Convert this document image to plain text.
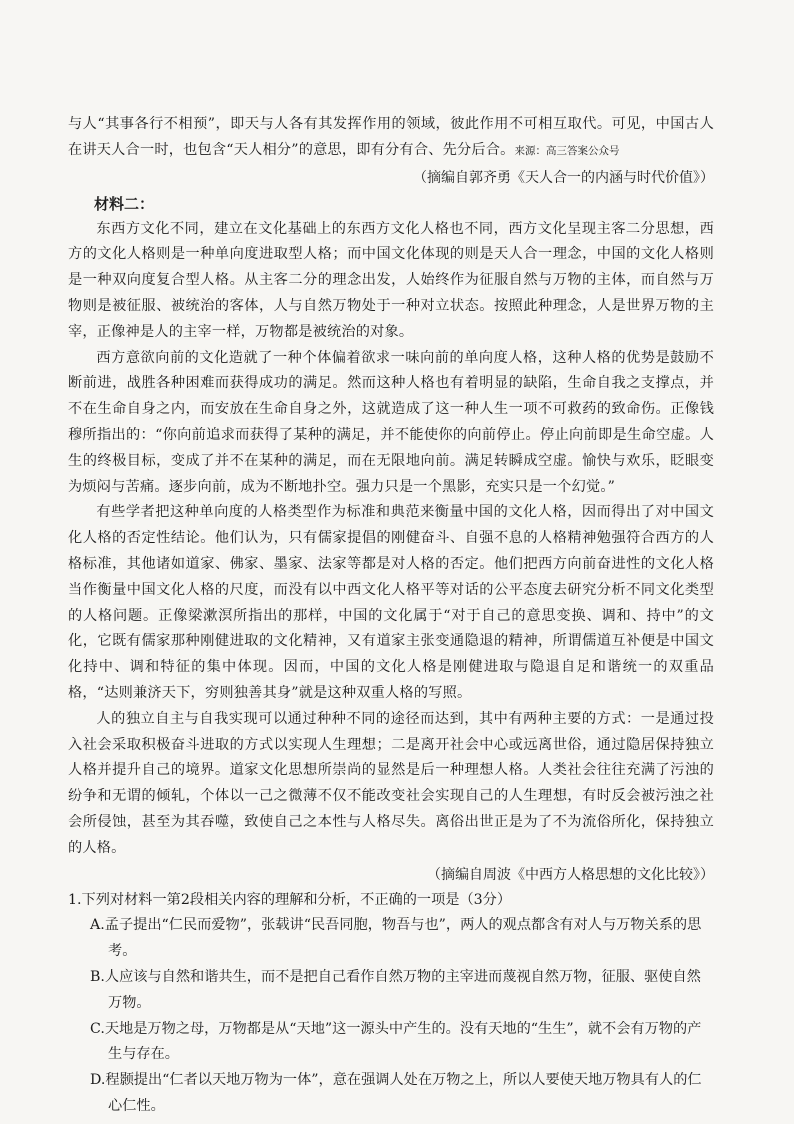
与人“其事各行不相预”，即天与人各有其发挥作用的领域，彼此作用不可相互取代。可见，中国古人在讲天人合一时，也包含“天人相分”的意思，即有分有合、先分后合。来源：高三答案公众号

（摘编自郭齐勇《天人合一的内涵与时代价值》）

材料二：

东西方文化不同，建立在文化基础上的东西方文化人格也不同，西方文化呈现主客二分思想，西方的文化人格则是一种单向度进取型人格；而中国文化体现的则是天人合一理念，中国的文化人格则是一种双向度复合型人格。从主客二分的理念出发，人始终作为征服自然与万物的主体，而自然与万物则是被征服、被统治的客体，人与自然万物处于一种对立状态。按照此种理念，人是世界万物的主宰，正像神是人的主宰一样，万物都是被统治的对象。

西方意欲向前的文化造就了一种个体偏着欲求一味向前的单向度人格，这种人格的优势是鼓励不断前进，战胜各种困难而获得成功的满足。然而这种人格也有着明显的缺陷，生命自我之支撑点，并不在生命自身之内，而安放在生命自身之外，这就造成了这一种人生一项不可救药的致命伤。正像钱穆所指出的：“你向前追求而获得了某种的满足，并不能使你的向前停止。停止向前即是生命空虚。人生的终极目标，变成了并不在某种的满足，而在无限地向前。满足转瞬成空虚。愉快与欢乐，眨眼变为烦闷与苦痛。逐步向前，成为不断地扑空。强力只是一个黑影，充实只是一个幻觉。”

有些学者把这种单向度的人格类型作为标准和典范来衡量中国的文化人格，因而得出了对中国文化人格的否定性结论。他们认为，只有儒家提倡的刚健奋斗、自强不息的人格精神勉强符合西方的人格标准，其他诸如道家、佛家、墨家、法家等都是对人格的否定。他们把西方向前奋进性的文化人格当作衡量中国文化人格的尺度，而没有以中西文化人格平等对话的公平态度去研究分析不同文化类型的人格问题。正像梁漱溟所指出的那样，中国的文化属于“对于自己的意思变换、调和、持中”的文化，它既有儒家那种刚健进取的文化精神，又有道家主张变通隐退的精神，所谓儒道互补便是中国文化持中、调和特征的集中体现。因而，中国的文化人格是刚健进取与隐退自足和谐统一的双重品格，“达则兼济天下，穷则独善其身”就是这种双重人格的写照。

人的独立自主与自我实现可以通过种种不同的途径而达到，其中有两种主要的方式：一是通过投入社会采取积极奋斗进取的方式以实现人生理想；二是离开社会中心或远离世俗，通过隐居保持独立人格并提升自己的境界。道家文化思想所崇尚的显然是后一种理想人格。人类社会往往充满了污浊的纷争和无谓的倾轧，个体以一己之微薄不仅不能改变社会实现自己的人生理想，有时反会被污浊之社会所侵蚀，甚至为其吞噬，致使自己之本性与人格尽失。离俗出世正是为了不为流俗所化，保持独立的人格。

（摘编自周波《中西方人格思想的文化比较》）

1.下列对材料一第2段相关内容的理解和分析，不正确的一项是（3分）

A.孟子提出“仁民而爱物”，张载讲“民吾同胞，物吾与也”，两人的观点都含有对人与万物关系的思考。

B.人应该与自然和谐共生，而不是把自己看作自然万物的主宰进而蔑视自然万物，征服、驱使自然万物。

C.天地是万物之母，万物都是从“天地”这一源头中产生的。没有天地的“生生”，就不会有万物的产生与存在。

D.程颢提出“仁者以天地万物为一体”，意在强调人处在万物之上，所以人要使天地万物具有人的仁心仁性。
